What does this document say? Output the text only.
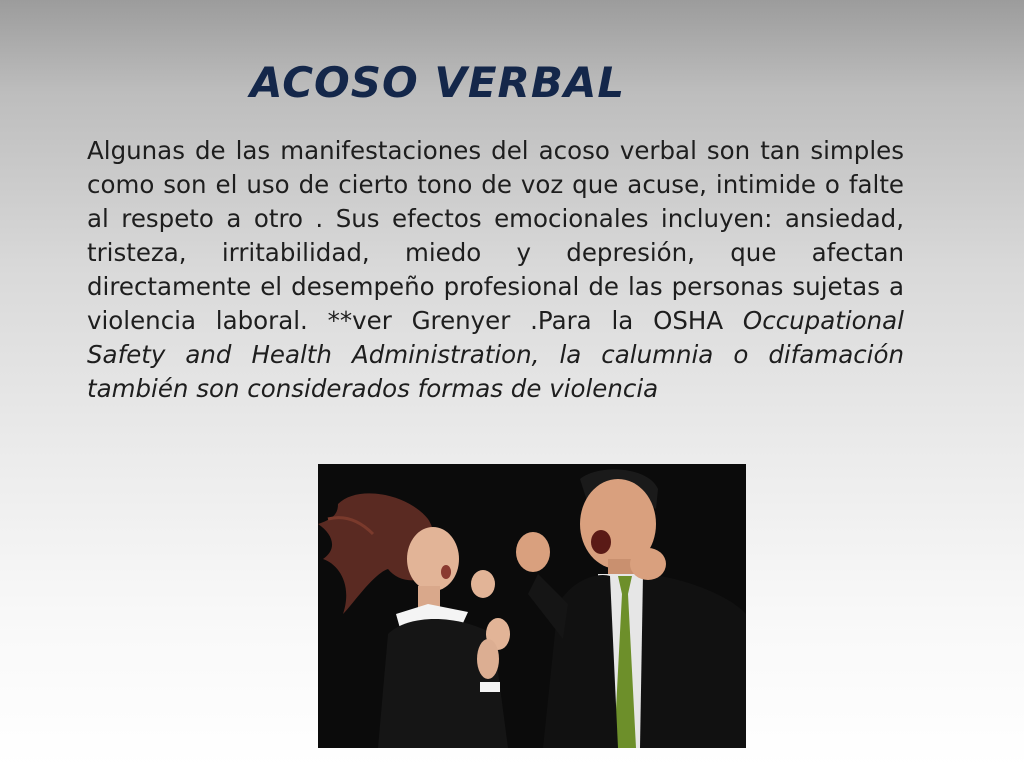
ACOSO VERBAL

Algunas de las manifestaciones del acoso verbal son tan simples como son el uso de cierto tono de voz que acuse, intimide o falte al respeto a otro . Sus efectos emocionales incluyen: ansiedad, tristeza, irritabilidad, miedo y depresión, que afectan directamente el desempeño profesional de las personas sujetas a violencia laboral. **ver Grenyer .Para la OSHA Occupational Safety and Health Administration, la calumnia o difamación también son considerados formas de violencia
